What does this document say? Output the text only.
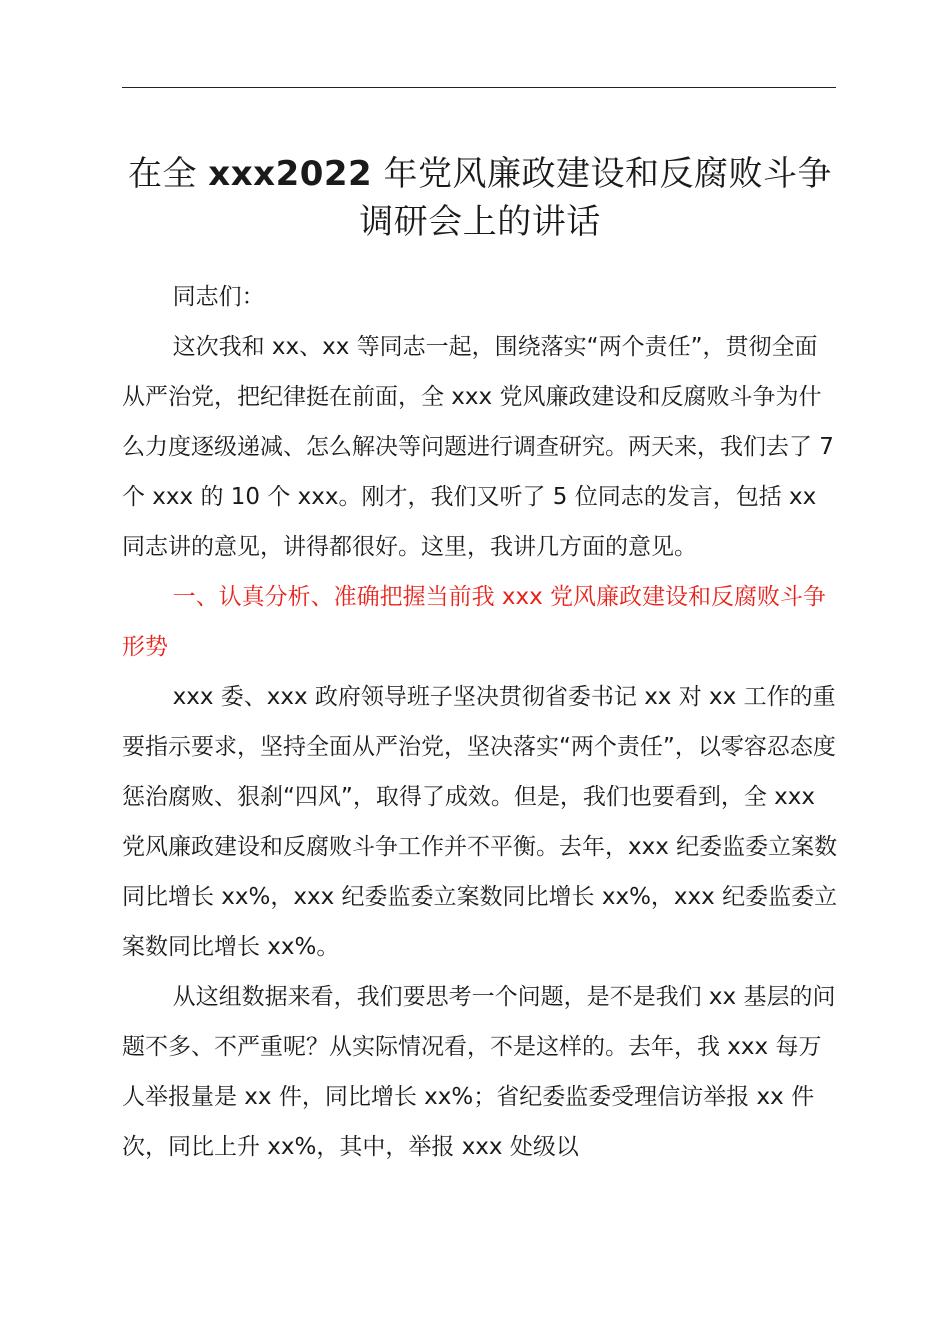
在全 xxx2022 年党风廉政建设和反腐败斗争
调研会上的讲话

同志们：

这次我和 xx、xx 等同志一起，围绕落实“两个责任”，贯彻全面从严治党，把纪律挺在前面，全 xxx 党风廉政建设和反腐败斗争为什么力度逐级递减、怎么解决等问题进行调查研究。两天来，我们去了 7 个 xxx 的 10 个 xxx。刚才，我们又听了 5 位同志的发言，包括 xx 同志讲的意见，讲得都很好。这里，我讲几方面的意见。

一、认真分析、准确把握当前我 xxx 党风廉政建设和反腐败斗争形势

xxx 委、xxx 政府领导班子坚决贯彻省委书记 xx 对 xx 工作的重要指示要求，坚持全面从严治党，坚决落实“两个责任”，以零容忍态度惩治腐败、狠刹“四风”，取得了成效。但是，我们也要看到，全 xxx 党风廉政建设和反腐败斗争工作并不平衡。去年，xxx 纪委监委立案数同比增长 xx%，xxx 纪委监委立案数同比增长 xx%，xxx 纪委监委立案数同比增长 xx%。

从这组数据来看，我们要思考一个问题，是不是我们 xx 基层的问题不多、不严重呢？从实际情况看，不是这样的。去年，我 xxx 每万人举报量是 xx 件，同比增长 xx%；省纪委监委受理信访举报 xx 件次，同比上升 xx%，其中，举报 xxx 处级以
